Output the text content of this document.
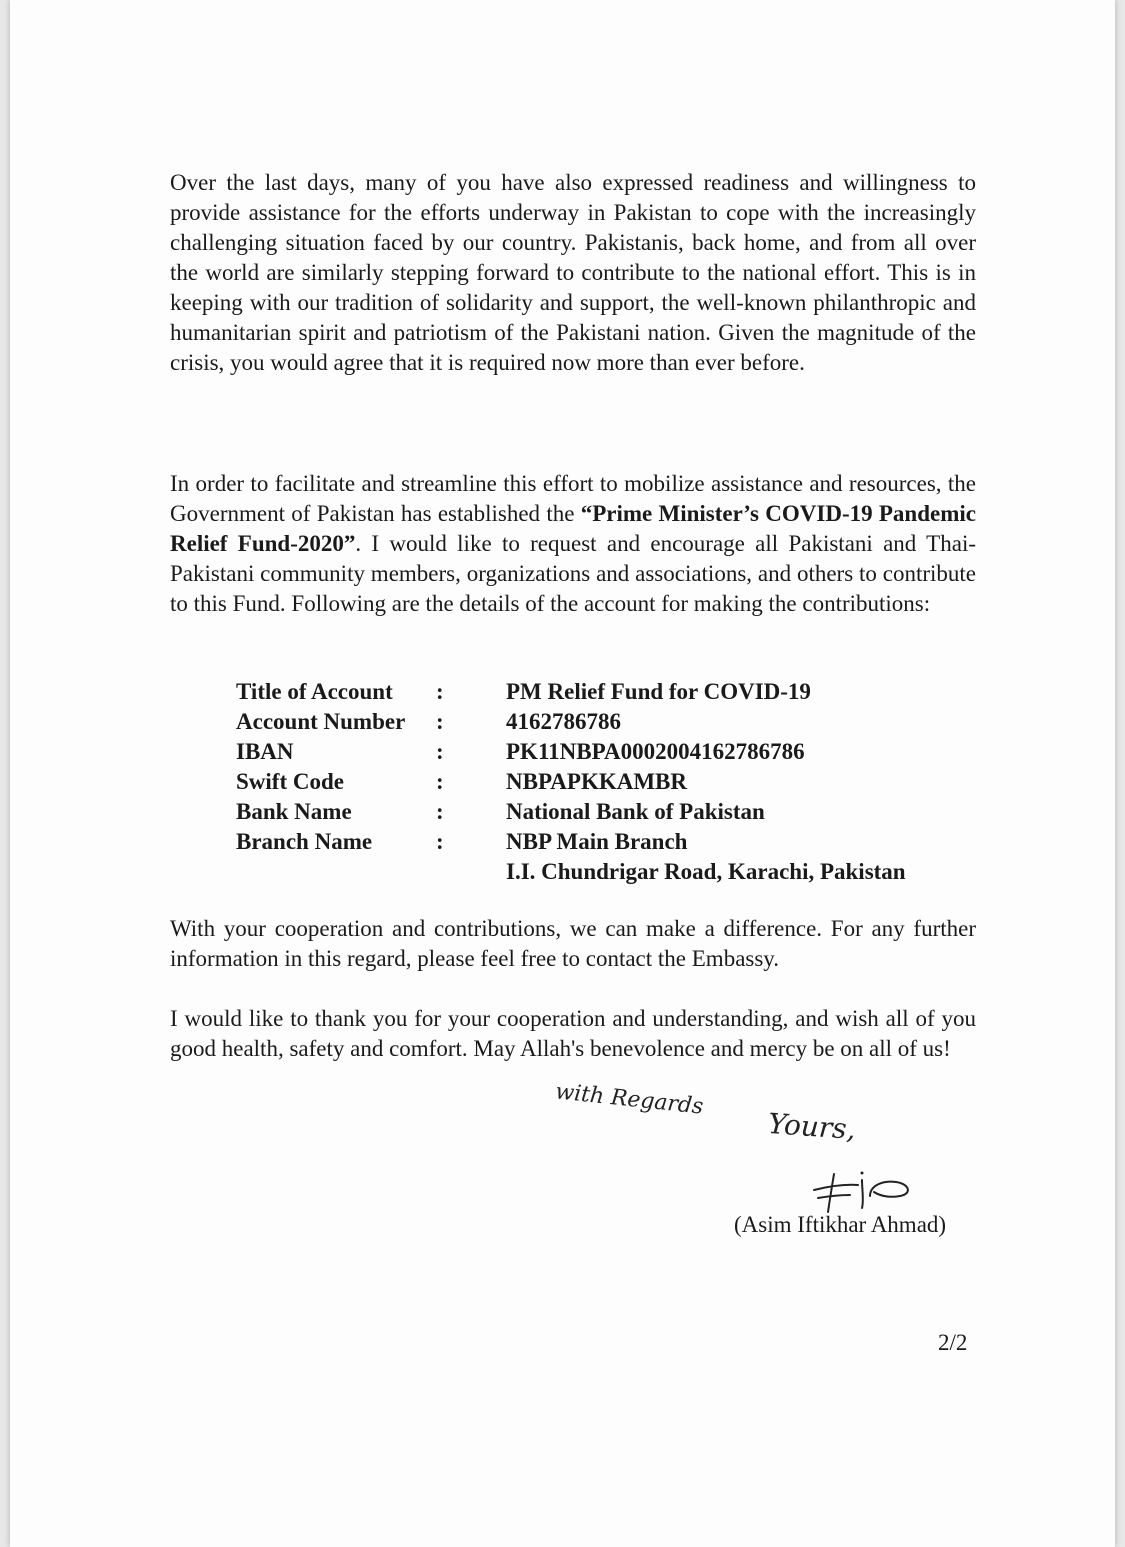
Over the last days, many of you have also expressed readiness and willingness to provide assistance for the efforts underway in Pakistan to cope with the increasingly challenging situation faced by our country. Pakistanis, back home, and from all over the world are similarly stepping forward to contribute to the national effort. This is in keeping with our tradition of solidarity and support, the well-known philanthropic and humanitarian spirit and patriotism of the Pakistani nation. Given the magnitude of the crisis, you would agree that it is required now more than ever before.

In order to facilitate and streamline this effort to mobilize assistance and resources, the Government of Pakistan has established the “Prime Minister’s COVID-19 Pandemic Relief Fund-2020”. I would like to request and encourage all Pakistani and Thai-Pakistani community members, organizations and associations, and others to contribute to this Fund. Following are the details of the account for making the contributions:

Title of Account	:	PM Relief Fund for COVID-19
Account Number	:	4162786786
IBAN	:	PK11NBPA0002004162786786
Swift Code	:	NBPAPKKAMBR
Bank Name	:	National Bank of Pakistan
Branch Name	:	NBP Main Branch
I.I. Chundrigar Road, Karachi, Pakistan

With your cooperation and contributions, we can make a difference. For any further information in this regard, please feel free to contact the Embassy.

I would like to thank you for your cooperation and understanding, and wish all of you good health, safety and comfort. May Allah's benevolence and mercy be on all of us!

with Regards
Yours,

(Asim Iftikhar Ahmad)

2/2
